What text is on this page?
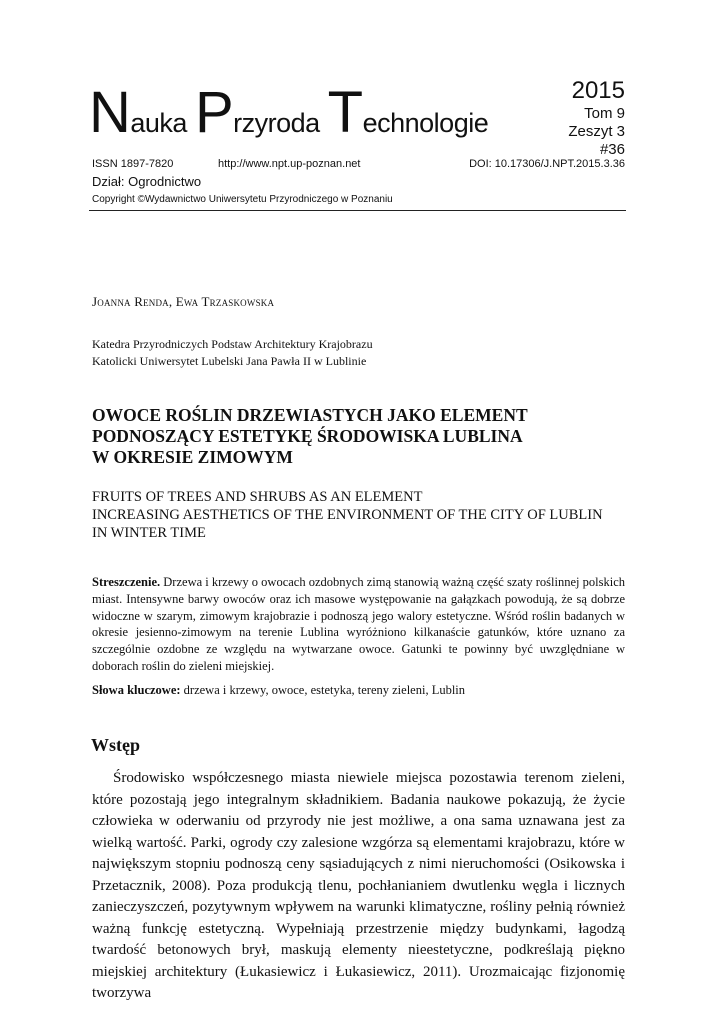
Nauka Przyroda Technologie
2015
Tom 9
Zeszyt 3
#36
ISSN 1897-7820	http://www.npt.up-poznan.net	DOI: 10.17306/J.NPT.2015.3.36
Dział: Ogrodnictwo
Copyright ©Wydawnictwo Uniwersytetu Przyrodniczego w Poznaniu
Joanna Renda, Ewa Trzaskowska
Katedra Przyrodniczych Podstaw Architektury Krajobrazu
Katolicki Uniwersytet Lubelski Jana Pawła II w Lublinie
OWOCE ROŚLIN DRZEWIASTYCH JAKO ELEMENT
PODNOSZĄCY ESTETYKĘ ŚRODOWISKA LUBLINA
W OKRESIE ZIMOWYM
FRUITS OF TREES AND SHRUBS AS AN ELEMENT
INCREASING AESTHETICS OF THE ENVIRONMENT OF THE CITY OF LUBLIN
IN WINTER TIME
Streszczenie. Drzewa i krzewy o owocach ozdobnych zimą stanowią ważną część szaty roślinnej polskich miast. Intensywne barwy owoców oraz ich masowe występowanie na gałązkach powodują, że są dobrze widoczne w szarym, zimowym krajobrazie i podnoszą jego walory estetyczne. Wśród roślin badanych w okresie jesienno-zimowym na terenie Lublina wyróżniono kilkanaście gatunków, które uznano za szczególnie ozdobne ze względu na wytwarzane owoce. Gatunki te powinny być uwzględniane w doborach roślin do zieleni miejskiej.
Słowa kluczowe: drzewa i krzewy, owoce, estetyka, tereny zieleni, Lublin
Wstęp

Środowisko współczesnego miasta niewiele miejsca pozostawia terenom zieleni, które pozostają jego integralnym składnikiem. Badania naukowe pokazują, że życie człowieka w oderwaniu od przyrody nie jest możliwe, a ona sama uznawana jest za wielką wartość. Parki, ogrody czy zalesione wzgórza są elementami krajobrazu, które w największym stopniu podnoszą ceny sąsiadujących z nimi nieruchomości (Osikowska i Przetacznik, 2008). Poza produkcją tlenu, pochłanianiem dwutlenku węgla i licznych zanieczyszczeń, pozytywnym wpływem na warunki klimatyczne, rośliny pełnią również ważną funkcję estetyczną. Wypełniają przestrzenie między budynkami, łagodzą twardość betonowych brył, maskują elementy nieestetyczne, podkreślają piękno miejskiej architektury (Łukasiewicz i Łukasiewicz, 2011). Urozmaicając fizjonomię tworzywa
